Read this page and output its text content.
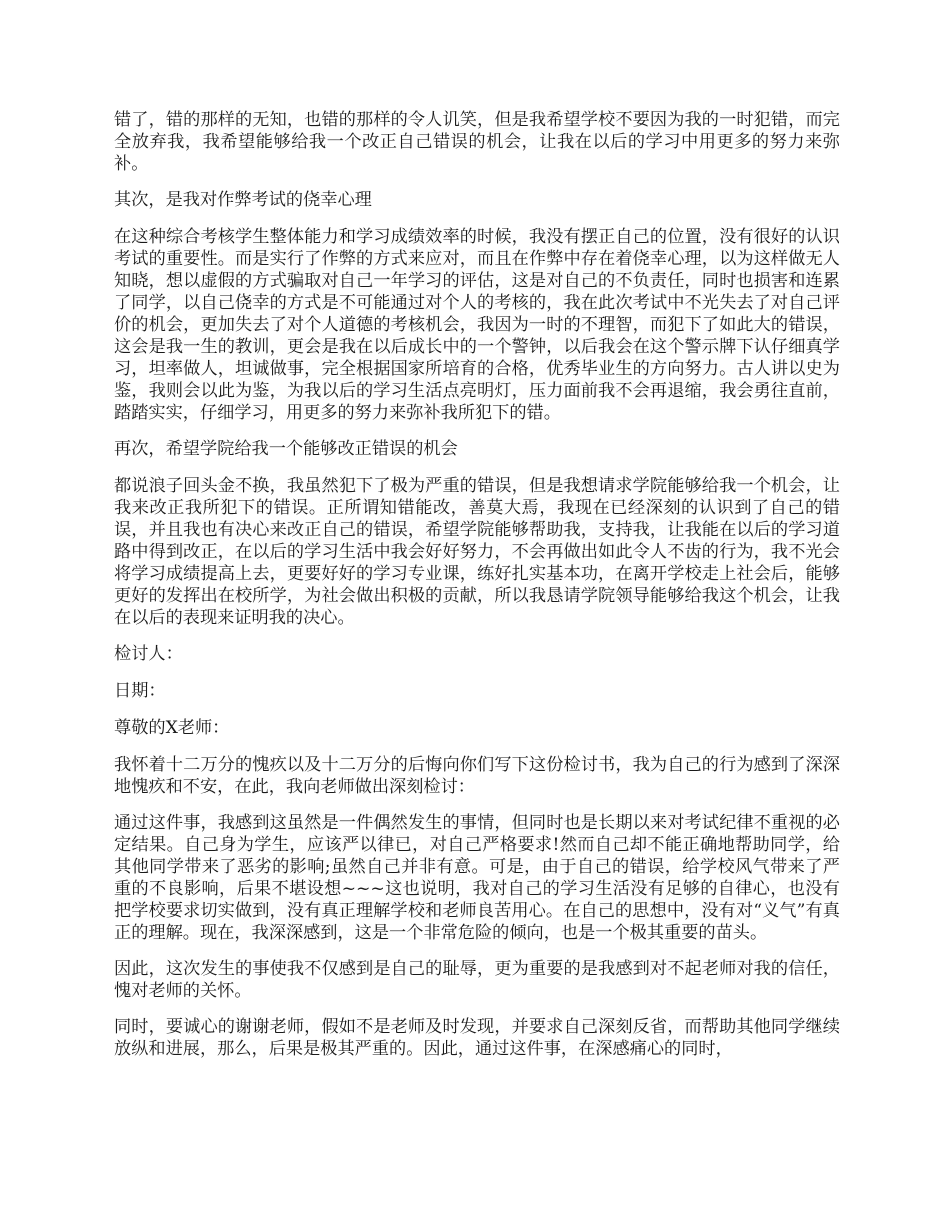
错了，错的那样的无知，也错的那样的令人讥笑，但是我希望学校不要因为我的一时犯错，而完全放弃我，我希望能够给我一个改正自己错误的机会，让我在以后的学习中用更多的努力来弥补。

其次，是我对作弊考试的侥幸心理

在这种综合考核学生整体能力和学习成绩效率的时候，我没有摆正自己的位置，没有很好的认识考试的重要性。而是实行了作弊的方式来应对，而且在作弊中存在着侥幸心理，以为这样做无人知晓，想以虚假的方式骗取对自己一年学习的评估，这是对自己的不负责任，同时也损害和连累了同学，以自己侥幸的方式是不可能通过对个人的考核的，我在此次考试中不光失去了对自己评价的机会，更加失去了对个人道德的考核机会，我因为一时的不理智，而犯下了如此大的错误，这会是我一生的教训，更会是我在以后成长中的一个警钟，以后我会在这个警示牌下认仔细真学习，坦率做人，坦诚做事，完全根据国家所培育的合格，优秀毕业生的方向努力。古人讲以史为鉴，我则会以此为鉴，为我以后的学习生活点亮明灯，压力面前我不会再退缩，我会勇往直前，踏踏实实，仔细学习，用更多的努力来弥补我所犯下的错。

再次，希望学院给我一个能够改正错误的机会

都说浪子回头金不换，我虽然犯下了极为严重的错误，但是我想请求学院能够给我一个机会，让我来改正我所犯下的错误。正所谓知错能改，善莫大焉，我现在已经深刻的认识到了自己的错误，并且我也有决心来改正自己的错误，希望学院能够帮助我，支持我，让我能在以后的学习道路中得到改正，在以后的学习生活中我会好好努力，不会再做出如此令人不齿的行为，我不光会将学习成绩提高上去，更要好好的学习专业课，练好扎实基本功，在离开学校走上社会后，能够更好的发挥出在校所学，为社会做出积极的贡献，所以我恳请学院领导能够给我这个机会，让我在以后的表现来证明我的决心。

检讨人：

日期：

尊敬的X老师：

我怀着十二万分的愧疚以及十二万分的后悔向你们写下这份检讨书，我为自己的行为感到了深深地愧疚和不安，在此，我向老师做出深刻检讨：

通过这件事，我感到这虽然是一件偶然发生的事情，但同时也是长期以来对考试纪律不重视的必定结果。自己身为学生，应该严以律已，对自己严格要求!然而自己却不能正确地帮助同学，给其他同学带来了恶劣的影响;虽然自己并非有意。可是，由于自己的错误，给学校风气带来了严重的不良影响，后果不堪设想~~~这也说明，我对自己的学习生活没有足够的自律心，也没有把学校要求切实做到，没有真正理解学校和老师良苦用心。在自己的思想中，没有对“义气”有真正的理解。现在，我深深感到，这是一个非常危险的倾向，也是一个极其重要的苗头。

因此，这次发生的事使我不仅感到是自己的耻辱，更为重要的是我感到对不起老师对我的信任，愧对老师的关怀。

同时，要诚心的谢谢老师，假如不是老师及时发现，并要求自己深刻反省，而帮助其他同学继续放纵和进展，那么，后果是极其严重的。因此，通过这件事，在深感痛心的同时，
